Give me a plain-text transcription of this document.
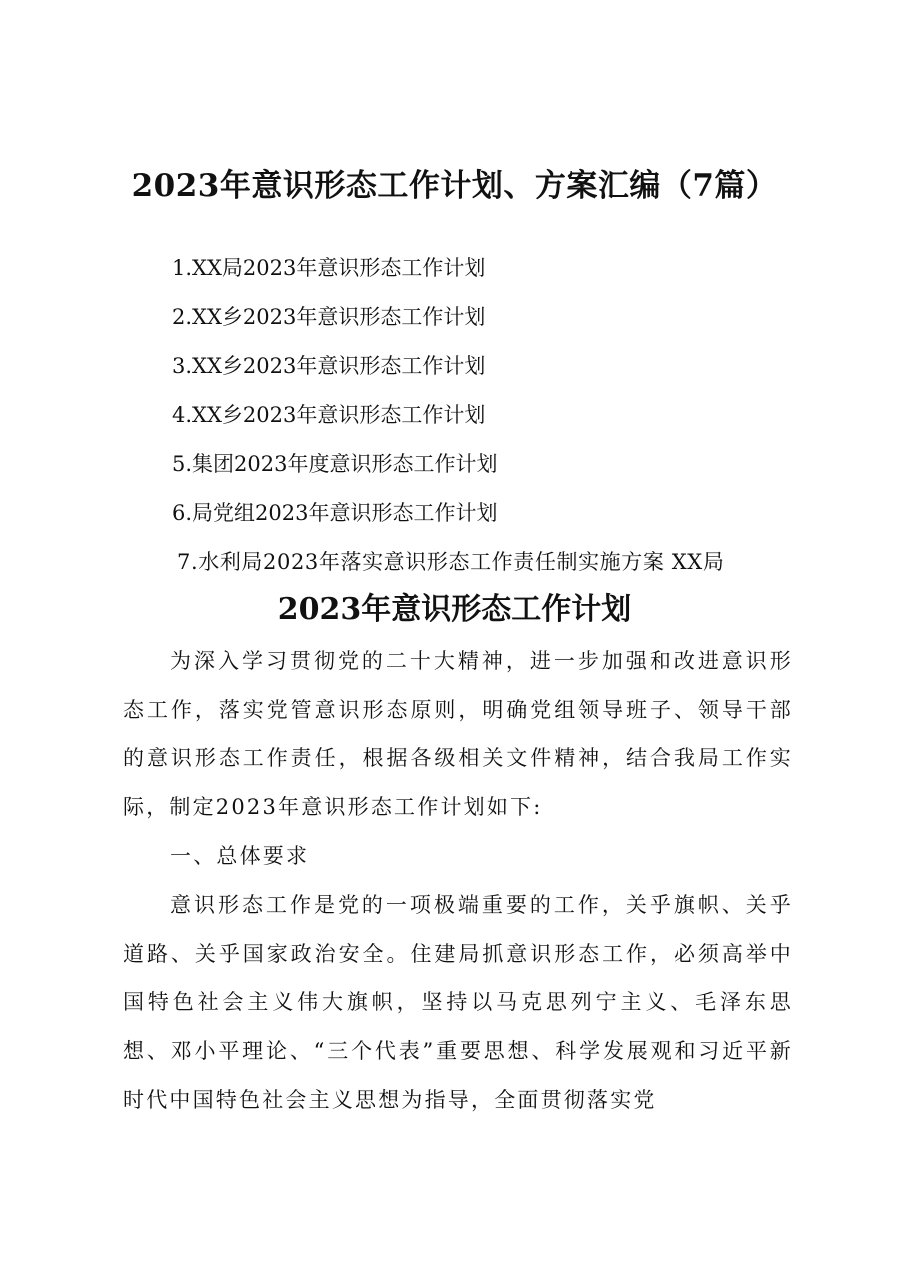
2023年意识形态工作计划、方案汇编（7篇）
1.XX局2023年意识形态工作计划
2.XX乡2023年意识形态工作计划
3.XX乡2023年意识形态工作计划
4.XX乡2023年意识形态工作计划
5.集团2023年度意识形态工作计划
6.局党组2023年意识形态工作计划
7.水利局2023年落实意识形态工作责任制实施方案 XX局
2023年意识形态工作计划

为深入学习贯彻党的二十大精神，进一步加强和改进意识形态工作，落实党管意识形态原则，明确党组领导班子、领导干部的意识形态工作责任，根据各级相关文件精神，结合我局工作实际，制定2023年意识形态工作计划如下:

一、总体要求

意识形态工作是党的一项极端重要的工作，关乎旗帜、关乎道路、关乎国家政治安全。住建局抓意识形态工作，必须高举中国特色社会主义伟大旗帜，坚持以马克思列宁主义、毛泽东思想、邓小平理论、“三个代表”重要思想、科学发展观和习近平新时代中国特色社会主义思想为指导，全面贯彻落实党
